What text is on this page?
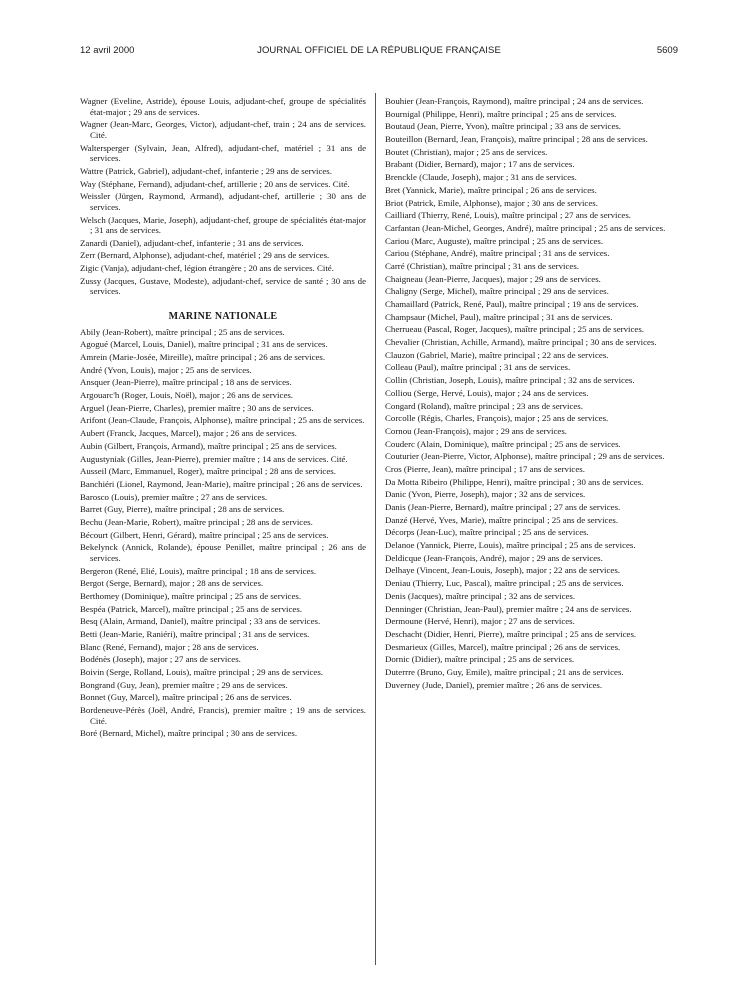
12 avril 2000	JOURNAL OFFICIEL DE LA RÉPUBLIQUE FRANÇAISE	5609

Wagner (Eveline, Astride), épouse Louis, adjudant-chef, groupe de spécialités état-major ; 29 ans de services.

Wagner (Jean-Marc, Georges, Victor), adjudant-chef, train ; 24 ans de services. Cité.

Waltersperger (Sylvain, Jean, Alfred), adjudant-chef, matériel ; 31 ans de services.

Wattre (Patrick, Gabriel), adjudant-chef, infanterie ; 29 ans de services.

Way (Stéphane, Fernand), adjudant-chef, artillerie ; 20 ans de services. Cité.

Weissler (Jürgen, Raymond, Armand), adjudant-chef, artillerie ; 30 ans de services.

Welsch (Jacques, Marie, Joseph), adjudant-chef, groupe de spécialités état-major ; 31 ans de services.

Zanardi (Daniel), adjudant-chef, infanterie ; 31 ans de services.

Zerr (Bernard, Alphonse), adjudant-chef, matériel ; 29 ans de services.

Zigic (Vanja), adjudant-chef, légion étrangère ; 20 ans de services. Cité.

Zussy (Jacques, Gustave, Modeste), adjudant-chef, service de santé ; 30 ans de services.

MARINE NATIONALE

Abily (Jean-Robert), maître principal ; 25 ans de services.

Agogué (Marcel, Louis, Daniel), maître principal ; 31 ans de services.

Amrein (Marie-Josée, Mireille), maître principal ; 26 ans de services.

André (Yvon, Louis), major ; 25 ans de services.

Ansquer (Jean-Pierre), maître principal ; 18 ans de services.

Argouarc'h (Roger, Louis, Noël), major ; 26 ans de services.

Arguel (Jean-Pierre, Charles), premier maître ; 30 ans de services.

Arifont (Jean-Claude, François, Alphonse), maître principal ; 25 ans de services.

Aubert (Franck, Jacques, Marcel), major ; 26 ans de services.

Aubin (Gilbert, François, Armand), maître principal ; 25 ans de services.

Augustyniak (Gilles, Jean-Pierre), premier maître ; 14 ans de services. Cité.

Ausseil (Marc, Emmanuel, Roger), maître principal ; 28 ans de services.

Banchiéri (Lionel, Raymond, Jean-Marie), maître principal ; 26 ans de services.

Barosco (Louis), premier maître ; 27 ans de services.

Barret (Guy, Pierre), maître principal ; 28 ans de services.

Bechu (Jean-Marie, Robert), maître principal ; 28 ans de services.

Bécourt (Gilbert, Henri, Gérard), maître principal ; 25 ans de services.

Bekelynck (Annick, Rolande), épouse Penillet, maître principal ; 26 ans de services.

Bergeron (René, Elié, Louis), maître principal ; 18 ans de services.

Bergot (Serge, Bernard), major ; 28 ans de services.

Berthomey (Dominique), maître principal ; 25 ans de services.

Bespéa (Patrick, Marcel), maître principal ; 25 ans de services.

Besq (Alain, Armand, Daniel), maître principal ; 33 ans de services.

Betti (Jean-Marie, Raniéri), maître principal ; 31 ans de services.

Blanc (René, Fernand), major ; 28 ans de services.

Bodénès (Joseph), major ; 27 ans de services.

Boivin (Serge, Rolland, Louis), maître principal ; 29 ans de services.

Bongrand (Guy, Jean), premier maître ; 29 ans de services.

Bonnet (Guy, Marcel), maître principal ; 26 ans de services.

Bordeneuve-Pérès (Joël, André, Francis), premier maître ; 19 ans de services. Cité.

Boré (Bernard, Michel), maître principal ; 30 ans de services.

Bouhier (Jean-François, Raymond), maître principal ; 24 ans de services.

Bournigal (Philippe, Henri), maître principal ; 25 ans de services.

Boutaud (Jean, Pierre, Yvon), maître principal ; 33 ans de services.

Bouteillon (Bernard, Jean, François), maître principal ; 28 ans de services.

Boutet (Christian), major ; 25 ans de services.

Brabant (Didier, Bernard), major ; 17 ans de services.

Brenckle (Claude, Joseph), major ; 31 ans de services.

Bret (Yannick, Marie), maître principal ; 26 ans de services.

Briot (Patrick, Emile, Alphonse), major ; 30 ans de services.

Cailliard (Thierry, René, Louis), maître principal ; 27 ans de services.

Carfantan (Jean-Michel, Georges, André), maître principal ; 25 ans de services.

Cariou (Marc, Auguste), maître principal ; 25 ans de services.

Cariou (Stéphane, André), maître principal ; 31 ans de services.

Carré (Christian), maître principal ; 31 ans de services.

Chaigneau (Jean-Pierre, Jacques), major ; 29 ans de services.

Chaligny (Serge, Michel), maître principal ; 29 ans de services.

Chamaillard (Patrick, René, Paul), maître principal ; 19 ans de services.

Champsaur (Michel, Paul), maître principal ; 31 ans de services.

Cherrueau (Pascal, Roger, Jacques), maître principal ; 25 ans de services.

Chevalier (Christian, Achille, Armand), maître principal ; 30 ans de services.

Clauzon (Gabriel, Marie), maître principal ; 22 ans de services.

Colleau (Paul), maître principal ; 31 ans de services.

Collin (Christian, Joseph, Louis), maître principal ; 32 ans de services.

Colliou (Serge, Hervé, Louis), major ; 24 ans de services.

Congard (Roland), maître principal ; 23 ans de services.

Corcolle (Régis, Charles, François), major ; 25 ans de services.

Cornou (Jean-François), major ; 29 ans de services.

Couderc (Alain, Dominique), maître principal ; 25 ans de services.

Couturier (Jean-Pierre, Victor, Alphonse), maître principal ; 29 ans de services.

Cros (Pierre, Jean), maître principal ; 17 ans de services.

Da Motta Ribeiro (Philippe, Henri), maître principal ; 30 ans de services.

Danic (Yvon, Pierre, Joseph), major ; 32 ans de services.

Danis (Jean-Pierre, Bernard), maître principal ; 27 ans de services.

Danzé (Hervé, Yves, Marie), maître principal ; 25 ans de services.

Décorps (Jean-Luc), maître principal ; 25 ans de services.

Delanoe (Yannick, Pierre, Louis), maître principal ; 25 ans de services.

Deldicque (Jean-François, André), major ; 29 ans de services.

Delhaye (Vincent, Jean-Louis, Joseph), major ; 22 ans de services.

Deniau (Thierry, Luc, Pascal), maître principal ; 25 ans de services.

Denis (Jacques), maître principal ; 32 ans de services.

Denninger (Christian, Jean-Paul), premier maître ; 24 ans de services.

Dermoune (Hervé, Henri), major ; 27 ans de services.

Deschacht (Didier, Henri, Pierre), maître principal ; 25 ans de services.

Desmarieux (Gilles, Marcel), maître principal ; 26 ans de services.

Dornic (Didier), maître principal ; 25 ans de services.

Duterrre (Bruno, Guy, Emile), maître principal ; 21 ans de services.

Duverney (Jude, Daniel), premier maître ; 26 ans de services.
